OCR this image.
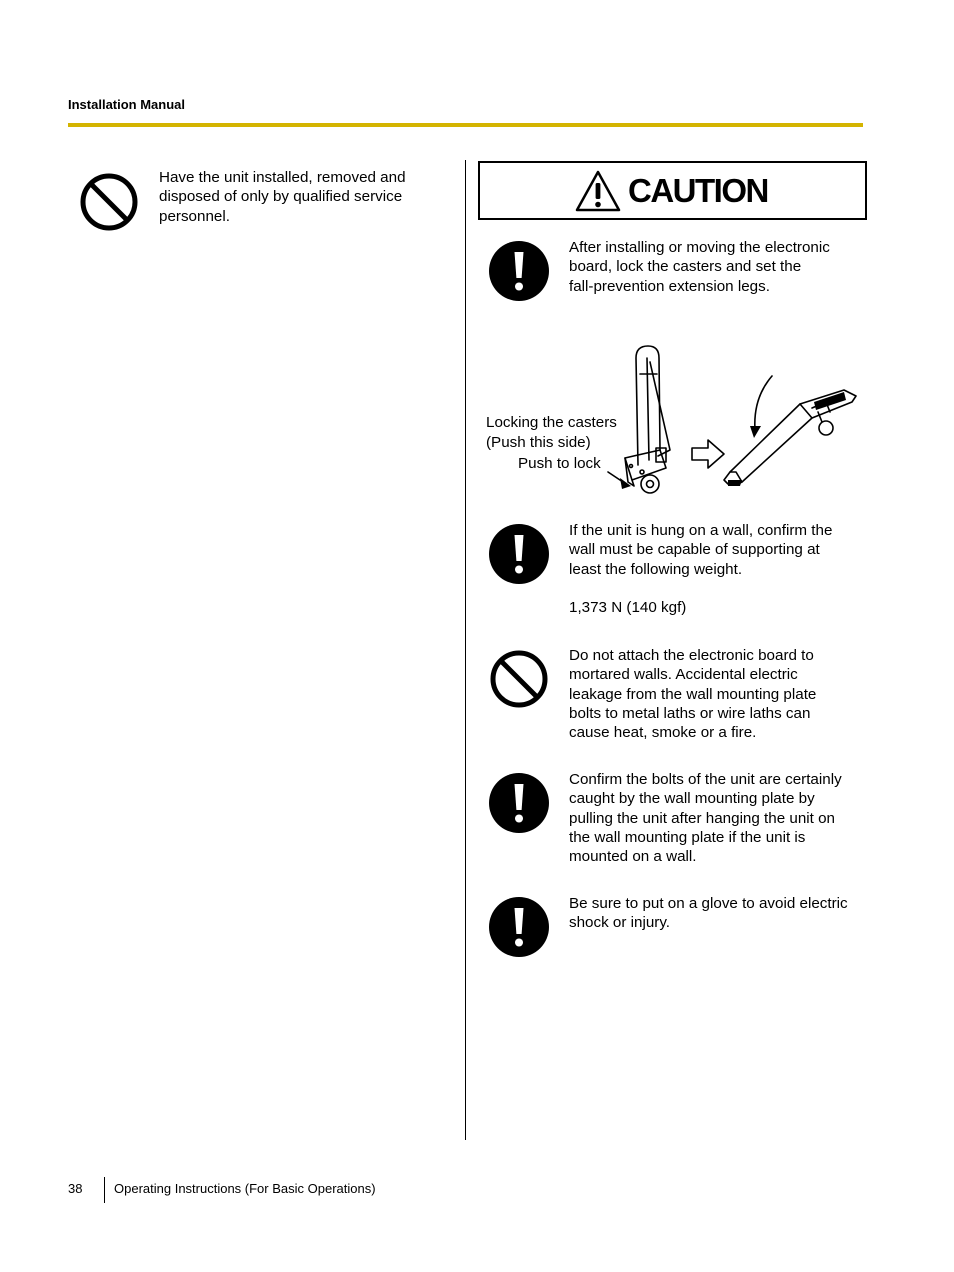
Installation Manual

Have the unit installed, removed and
disposed of only by qualified service
personnel.

CAUTION

After installing or moving the electronic
board, lock the casters and set the
fall-prevention extension legs.

Locking the casters
(Push this side)
Push to lock

If the unit is hung on a wall, confirm the
wall must be capable of supporting at
least the following weight.

1,373 N (140 kgf)

Do not attach the electronic board to
mortared walls. Accidental electric
leakage from the wall mounting plate
bolts to metal laths or wire laths can
cause heat, smoke or a fire.

Confirm the bolts of the unit are certainly
caught by the wall mounting plate by
pulling the unit after hanging the unit on
the wall mounting plate if the unit is
mounted on a wall.

Be sure to put on a glove to avoid electric
shock or injury.

38 Operating Instructions (For Basic Operations)
